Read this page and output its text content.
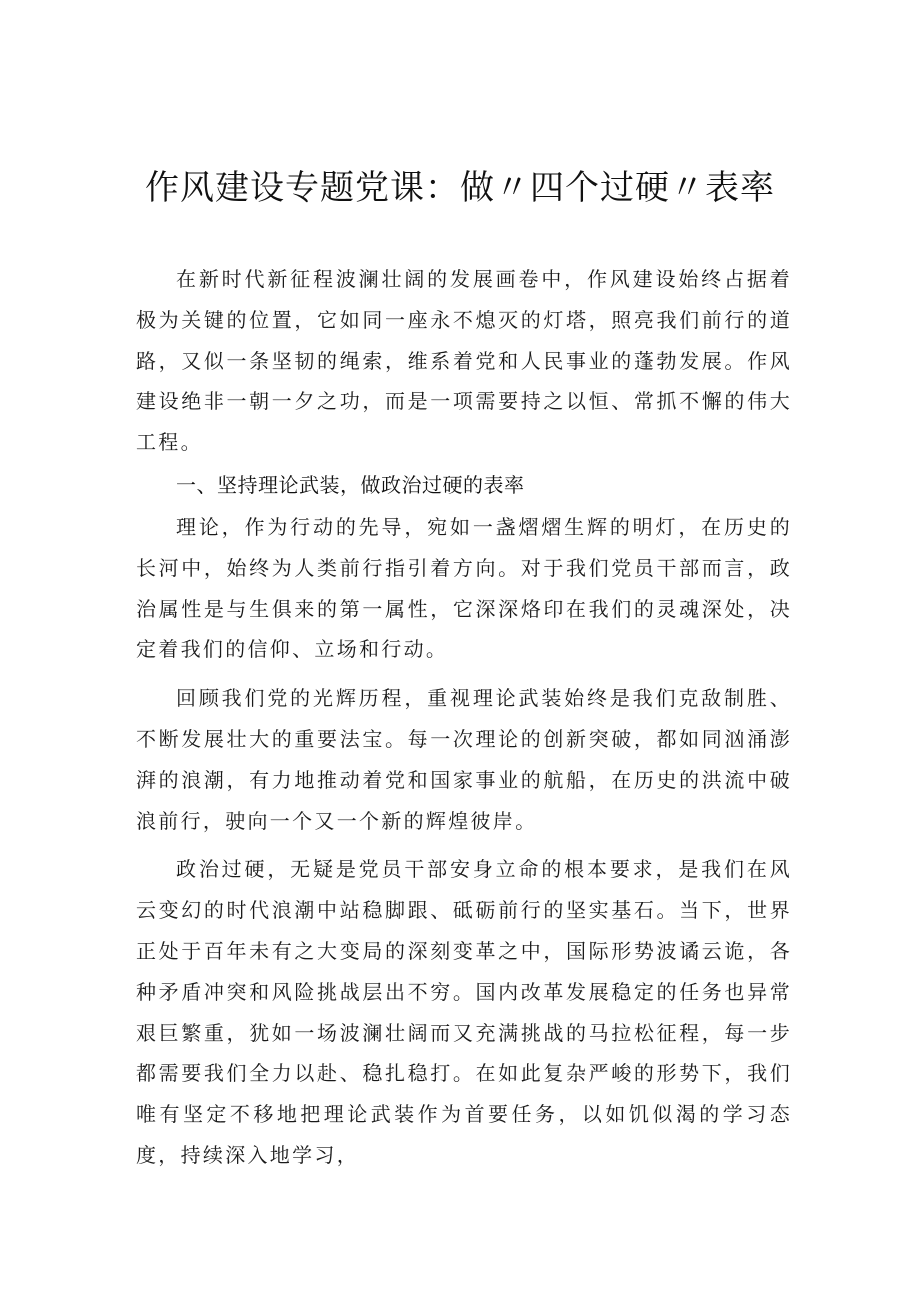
作风建设专题党课：做〃四个过硬〃表率

在新时代新征程波澜壮阔的发展画卷中，作风建设始终占据着极为关键的位置，它如同一座永不熄灭的灯塔，照亮我们前行的道路，又似一条坚韧的绳索，维系着党和人民事业的蓬勃发展。作风建设绝非一朝一夕之功，而是一项需要持之以恒、常抓不懈的伟大工程。

一、坚持理论武装，做政治过硬的表率

理论，作为行动的先导，宛如一盏熠熠生辉的明灯，在历史的长河中，始终为人类前行指引着方向。对于我们党员干部而言，政治属性是与生俱来的第一属性，它深深烙印在我们的灵魂深处，决定着我们的信仰、立场和行动。

回顾我们党的光辉历程，重视理论武装始终是我们克敌制胜、不断发展壮大的重要法宝。每一次理论的创新突破，都如同汹涌澎湃的浪潮，有力地推动着党和国家事业的航船，在历史的洪流中破浪前行，驶向一个又一个新的辉煌彼岸。

政治过硬，无疑是党员干部安身立命的根本要求，是我们在风云变幻的时代浪潮中站稳脚跟、砥砺前行的坚实基石。当下，世界正处于百年未有之大变局的深刻变革之中，国际形势波谲云诡，各种矛盾冲突和风险挑战层出不穷。国内改革发展稳定的任务也异常艰巨繁重，犹如一场波澜壮阔而又充满挑战的马拉松征程，每一步都需要我们全力以赴、稳扎稳打。在如此复杂严峻的形势下，我们唯有坚定不移地把理论武装作为首要任务，以如饥似渴的学习态度，持续深入地学习，
